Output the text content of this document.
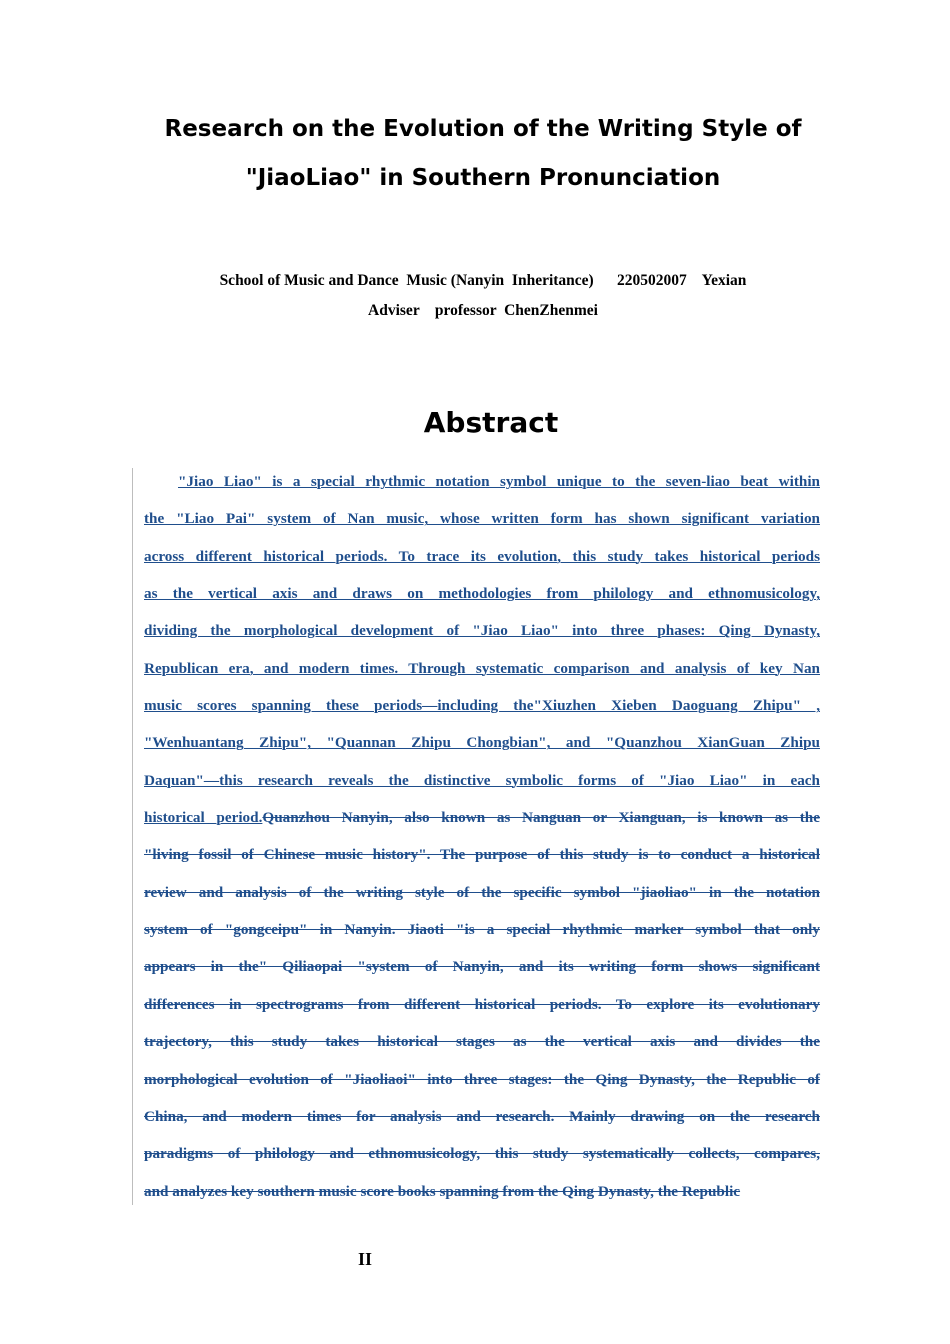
Research on the Evolution of the Writing Style of
"JiaoLiao" in Southern Pronunciation
School of Music and Dance  Music (Nanyin  Inheritance)      220502007    Yexian
Adviser    professor  ChenZhenmei
Abstract
"Jiao Liao" is a special rhythmic notation symbol unique to the seven-liao beat within
the "Liao Pai" system of Nan music, whose written form has shown significant variation
across different historical periods. To trace its evolution, this study takes historical periods
as the vertical axis and draws on methodologies from philology and ethnomusicology,
dividing the morphological development of "Jiao Liao" into three phases: Qing Dynasty,
Republican era, and modern times. Through systematic comparison and analysis of key Nan
music scores spanning these periods—including the"Xiuzhen Xieben Daoguang Zhipu" ,
"Wenhuantang Zhipu", "Quannan Zhipu Chongbian", and "Quanzhou XianGuan Zhipu
Daquan"—this research reveals the distinctive symbolic forms of "Jiao Liao" in each
historical period.Quanzhou Nanyin, also known as Nanguan or Xianguan, is known as the
"living fossil of Chinese music history". The purpose of this study is to conduct a historical
review and analysis of the writing style of the specific symbol "jiaoliao" in the notation
system of "gongceipu" in Nanyin. Jiaoti "is a special rhythmic marker symbol that only
appears in the" Qiliaopai "system of Nanyin, and its writing form shows significant
differences in spectrograms from different historical periods. To explore its evolutionary
trajectory, this study takes historical stages as the vertical axis and divides the
morphological evolution of "Jiaoliaoi" into three stages: the Qing Dynasty, the Republic of
China, and modern times for analysis and research. Mainly drawing on the research
paradigms of philology and ethnomusicology, this study systematically collects, compares,
and analyzes key southern music score books spanning from the Qing Dynasty, the Republic
II
